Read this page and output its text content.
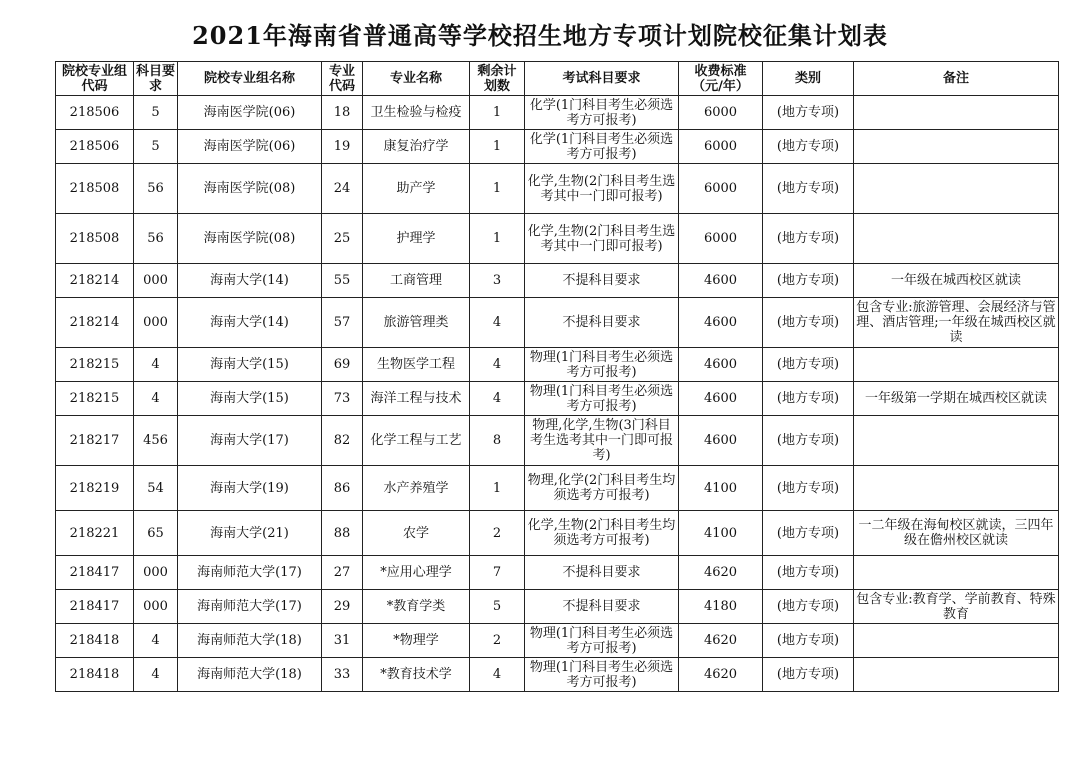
2021年海南省普通高等学校招生地方专项计划院校征集计划表
院校专业组代码	科目要求	院校专业组名称	专业代码	专业名称	剩余计划数	考试科目要求	收费标准（元/年）	类别	备注
218506	5	海南医学院(06)	18	卫生检验与检疫	1	化学(1门科目考生必须选考方可报考)	6000	(地方专项)	
218506	5	海南医学院(06)	19	康复治疗学	1	化学(1门科目考生必须选考方可报考)	6000	(地方专项)	
218508	56	海南医学院(08)	24	助产学	1	化学,生物(2门科目考生选考其中一门即可报考)	6000	(地方专项)	
218508	56	海南医学院(08)	25	护理学	1	化学,生物(2门科目考生选考其中一门即可报考)	6000	(地方专项)	
218214	000	海南大学(14)	55	工商管理	3	不提科目要求	4600	(地方专项)	一年级在城西校区就读
218214	000	海南大学(14)	57	旅游管理类	4	不提科目要求	4600	(地方专项)	包含专业:旅游管理、会展经济与管理、酒店管理;一年级在城西校区就读
218215	4	海南大学(15)	69	生物医学工程	4	物理(1门科目考生必须选考方可报考)	4600	(地方专项)	
218215	4	海南大学(15)	73	海洋工程与技术	4	物理(1门科目考生必须选考方可报考)	4600	(地方专项)	一年级第一学期在城西校区就读
218217	456	海南大学(17)	82	化学工程与工艺	8	物理,化学,生物(3门科目考生选考其中一门即可报考)	4600	(地方专项)	
218219	54	海南大学(19)	86	水产养殖学	1	物理,化学(2门科目考生均须选考方可报考)	4100	(地方专项)	
218221	65	海南大学(21)	88	农学	2	化学,生物(2门科目考生均须选考方可报考)	4100	(地方专项)	一二年级在海甸校区就读，三四年级在儋州校区就读
218417	000	海南师范大学(17)	27	*应用心理学	7	不提科目要求	4620	(地方专项)	
218417	000	海南师范大学(17)	29	*教育学类	5	不提科目要求	4180	(地方专项)	包含专业:教育学、学前教育、特殊教育
218418	4	海南师范大学(18)	31	*物理学	2	物理(1门科目考生必须选考方可报考)	4620	(地方专项)	
218418	4	海南师范大学(18)	33	*教育技术学	4	物理(1门科目考生必须选考方可报考)	4620	(地方专项)	
